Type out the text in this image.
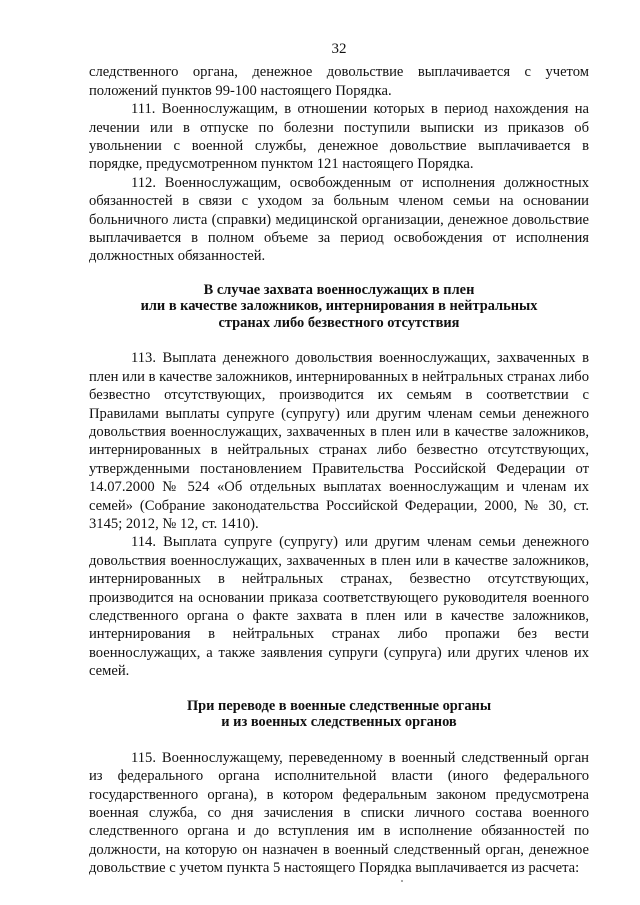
32

следственного органа, денежное довольствие выплачивается с учетом положений пунктов 99-100 настоящего Порядка.

111. Военнослужащим, в отношении которых в период нахождения на лечении или в отпуске по болезни поступили выписки из приказов об увольнении с военной службы, денежное довольствие выплачивается в порядке, предусмотренном пунктом 121 настоящего Порядка.

112. Военнослужащим, освобожденным от исполнения должностных обязанностей в связи с уходом за больным членом семьи на основании больничного листа (справки) медицинской организации, денежное довольствие выплачивается в полном объеме за период освобождения от исполнения должностных обязанностей.

В случае захвата военнослужащих в плен
или в качестве заложников, интернирования в нейтральных
странах либо безвестного отсутствия

113. Выплата денежного довольствия военнослужащих, захваченных в плен или в качестве заложников, интернированных в нейтральных странах либо безвестно отсутствующих, производится их семьям в соответствии с Правилами выплаты супруге (супругу) или другим членам семьи денежного довольствия военнослужащих, захваченных в плен или в качестве заложников, интернированных в нейтральных странах либо безвестно отсутствующих, утвержденными постановлением Правительства Российской Федерации от 14.07.2000 № 524 «Об отдельных выплатах военнослужащим и членам их семей» (Собрание законодательства Российской Федерации, 2000, № 30, ст. 3145; 2012, № 12, ст. 1410).

114. Выплата супруге (супругу) или другим членам семьи денежного довольствия военнослужащих, захваченных в плен или в качестве заложников, интернированных в нейтральных странах, безвестно отсутствующих, производится на основании приказа соответствующего руководителя военного следственного органа о факте захвата в плен или в качестве заложников, интернирования в нейтральных странах либо пропажи без вести военнослужащих, а также заявления супруги (супруга) или других членов их семей.

При переводе в военные следственные органы
и из военных следственных органов

115. Военнослужащему, переведенному в военный следственный орган из федерального органа исполнительной власти (иного федерального государственного органа), в котором федеральным законом предусмотрена военная служба, со дня зачисления в списки личного состава военного следственного органа и до вступления им в исполнение обязанностей по должности, на которую он назначен в военный следственный орган, денежное довольствие с учетом пункта 5 настоящего Порядка выплачивается из расчета:
